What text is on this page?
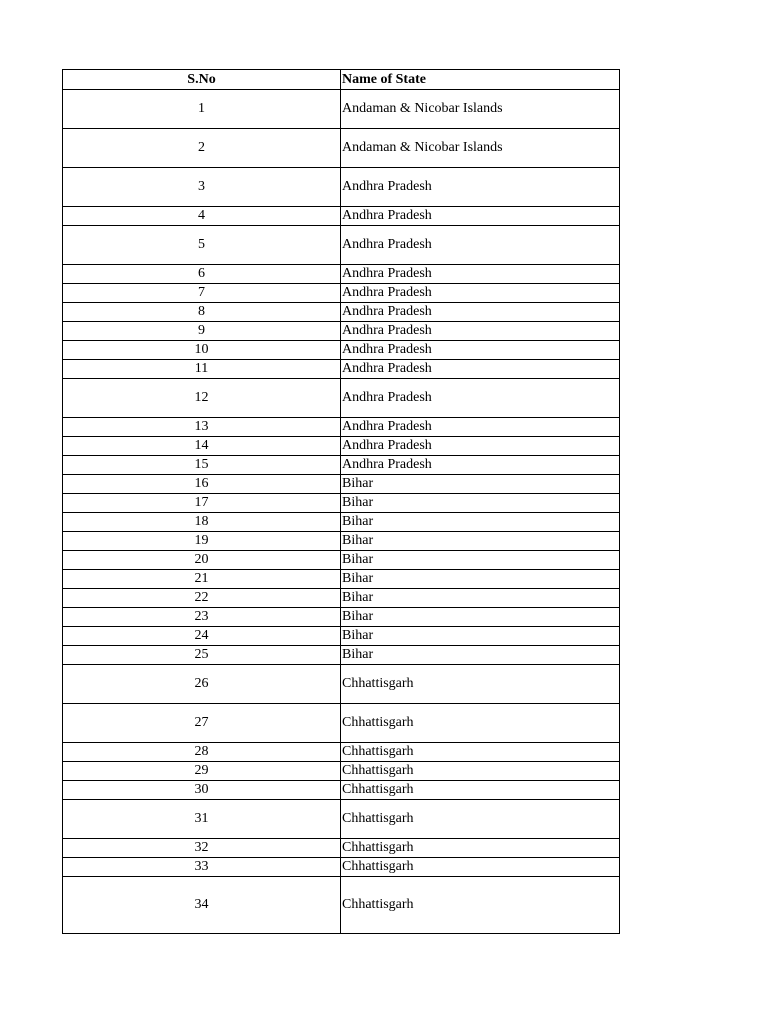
S.No	Name of State
1	Andaman & Nicobar Islands
2	Andaman & Nicobar Islands
3	Andhra Pradesh
4	Andhra Pradesh
5	Andhra Pradesh
6	Andhra Pradesh
7	Andhra Pradesh
8	Andhra Pradesh
9	Andhra Pradesh
10	Andhra Pradesh
11	Andhra Pradesh
12	Andhra Pradesh
13	Andhra Pradesh
14	Andhra Pradesh
15	Andhra Pradesh
16	Bihar
17	Bihar
18	Bihar
19	Bihar
20	Bihar
21	Bihar
22	Bihar
23	Bihar
24	Bihar
25	Bihar
26	Chhattisgarh
27	Chhattisgarh
28	Chhattisgarh
29	Chhattisgarh
30	Chhattisgarh
31	Chhattisgarh
32	Chhattisgarh
33	Chhattisgarh
34	Chhattisgarh
